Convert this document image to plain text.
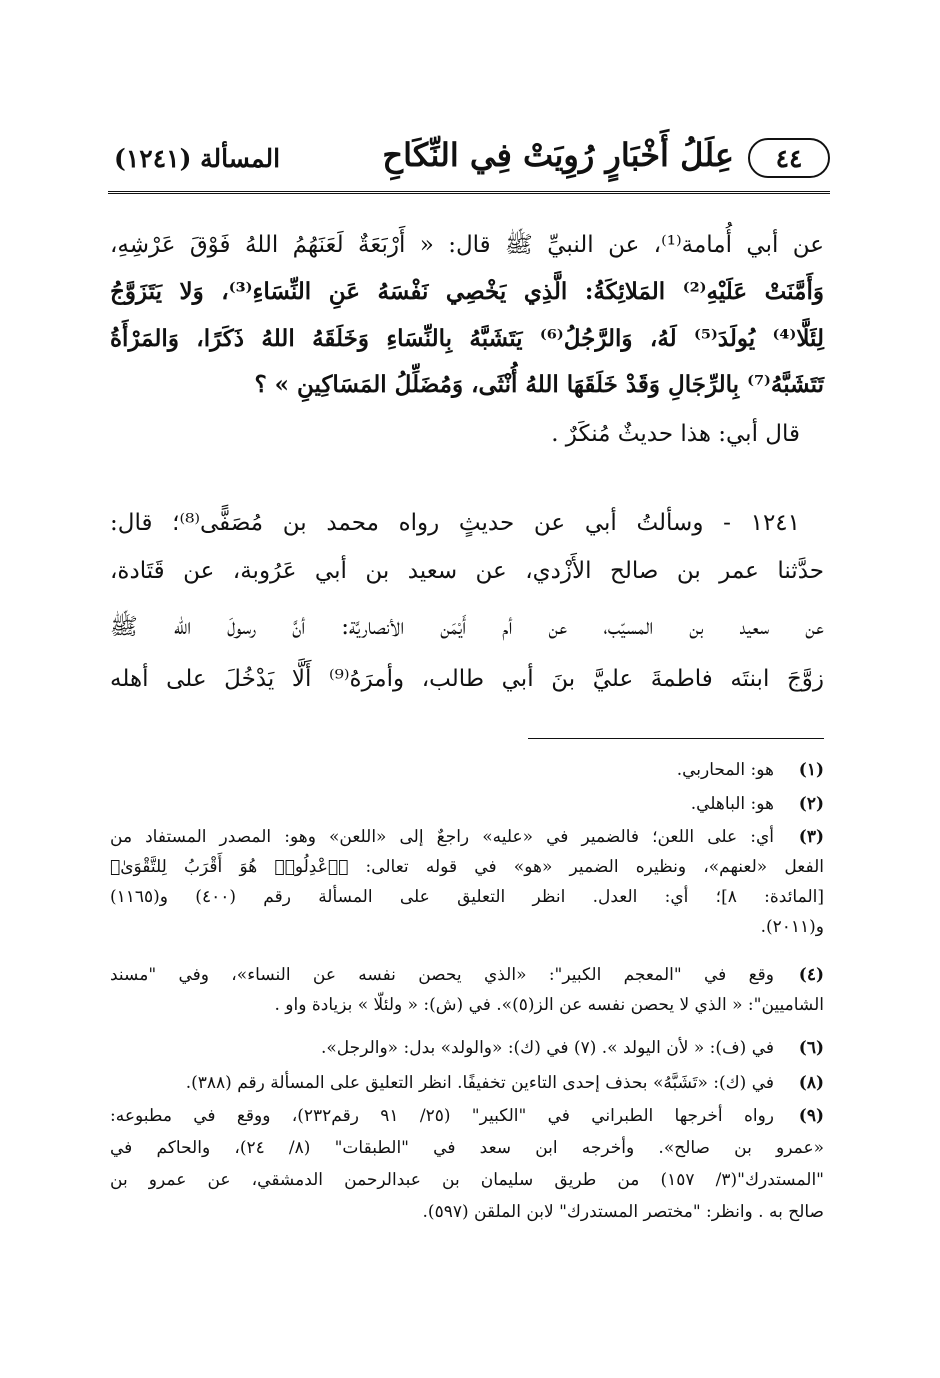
٤٤
عِلَلُ أَخْبَارٍ رُوِيَتْ فِي النِّكَاحِ
المسألة (١٢٤١)
عن أبي أُمامة⁽¹⁾، عن النبيِّ ﷺ قال: « أَرْبَعَةٌ لَعَنَهُمُ اللهُ فَوْقَ عَرْشِهِ،
وَأَمَّنَتْ عَلَيْهِ⁽²⁾ المَلائِكَةُ: الَّذِي يَخْصِي نَفْسَهُ عَنِ النِّسَاءِ⁽³⁾، وَلا يَتَزَوَّجُ
لِئَلَّا⁽⁴⁾ يُولَدَ⁽⁵⁾ لَهُ، وَالرَّجُلُ⁽⁶⁾ يَتَشَبَّهُ بِالنِّسَاءِ وَخَلَقَهُ اللهُ ذَكَرًا، وَالمَرْأَةُ
تَتَشَبَّهُ⁽⁷⁾ بِالرِّجَالِ وَقَدْ خَلَقَهَا اللهُ أُنْثَى، وَمُضَلِّلُ المَسَاكِينِ » ؟
قال أبي: هذا حديثٌ مُنكَرٌ .
١٢٤١ - وسألتُ أبي عن حديثٍ رواه محمد بن مُصَفًّى⁽⁸⁾؛ قال:
حدَّثنا عمر بن صالح الأَزْدي، عن سعيد بن أبي عَرُوبة، عن قَتَادة،
عن سعيد بن المسيّب، عن أم أَيْمَن الأنصاريَّة: أنَّ رسولَ الله ﷺ
زوَّجَ ابنتَه فاطمةَ عليَّ بنَ أبي طالب، وأمرَهُ⁽⁹⁾ أَلَّا يَدْخُلَ على أهله
(١)
هو: المحاربي.
(٢)
هو: الباهلي.
(٣)
أي: على اللعن؛ فالضمير في «عليه» راجعٌ إلى «اللعن» وهو: المصدر المستفاد من
الفعل «لعنهم»، ونظيره الضمير «هو» في قوله تعالى: ﴿ٱعْدِلُوا۟ هُوَ أَقْرَبُ لِلتَّقْوَىٰ﴾
[المائدة: ٨]؛ أي: العدل. انظر التعليق على المسألة رقم (٤٠٠) و(١١٦٥)
و(٢٠١١).
(٤)
وقع في "المعجم الكبير": «الذي يحصن نفسه عن النساء»، وفي "مسند
الشاميين": « الذي لا يحصن نفسه عن الز(٥)». في (ش): « ولئلّا » بزيادة واو .
(٦)
في (ف): « لأن اليولد ». (٧) في (ك): «والولد» بدل: «والرجل».
(٨)
في (ك): «تَشَبَّهُ» بحذف إحدى التاءين تخفيفًا. انظر التعليق على المسألة رقم (٣٨٨).
(٩)
رواه أخرجها الطبراني في "الكبير" (٢٥/ ٩١ رقم٢٣٢)، ووقع في مطبوعه:
«عمرو بن صالح». وأخرجه ابن سعد في "الطبقات" (٨/ ٢٤)، والحاكم في
"المستدرك"(٣/ ١٥٧) من طريق سليمان بن عبدالرحمن الدمشقي، عن عمرو بن
صالح به . وانظر: "مختصر المستدرك" لابن الملقن (٥٩٧).
